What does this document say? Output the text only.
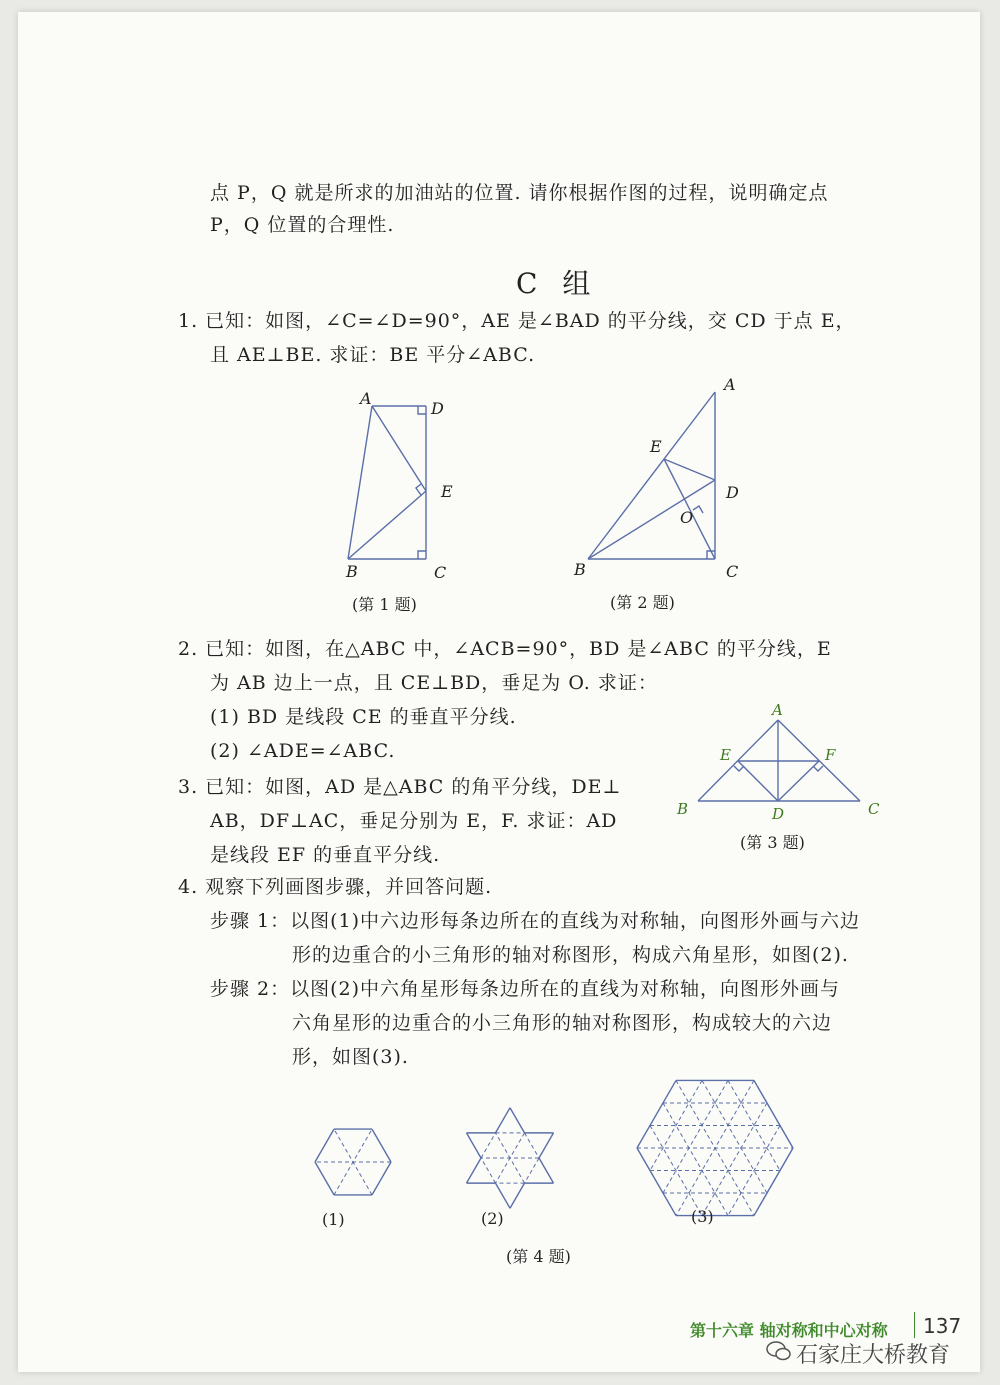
点 P，Q 就是所求的加油站的位置. 请你根据作图的过程，说明确定点
P，Q 位置的合理性.
C 组
1. 已知：如图，∠C=∠D=90°，AE 是∠BAD 的平分线，交 CD 于点 E，
且 AE⊥BE. 求证：BE 平分∠ABC.
A
D
E
B	C
(第 1 题)
A
E
D
O
B	C
(第 2 题)
2. 已知：如图，在△ABC 中，∠ACB=90°，BD 是∠ABC 的平分线，E
为 AB 边上一点，且 CE⊥BD，垂足为 O. 求证：
(1) BD 是线段 CE 的垂直平分线.
(2) ∠ADE=∠ABC.
3. 已知：如图，AD 是△ABC 的角平分线，DE⊥
AB，DF⊥AC，垂足分别为 E，F. 求证：AD
是线段 EF 的垂直平分线.
A
E	F
B	C
D
(第 3 题)
4. 观察下列画图步骤，并回答问题.
步骤 1：以图(1)中六边形每条边所在的直线为对称轴，向图形外画与六边
形的边重合的小三角形的轴对称图形，构成六角星形，如图(2).
步骤 2：以图(2)中六角星形每条边所在的直线为对称轴，向图形外画与
六角星形的边重合的小三角形的轴对称图形，构成较大的六边
形，如图(3).
(1)	(2)	(3)
(第 4 题)
第十六章 轴对称和中心对称 137
石家庄大桥教育
